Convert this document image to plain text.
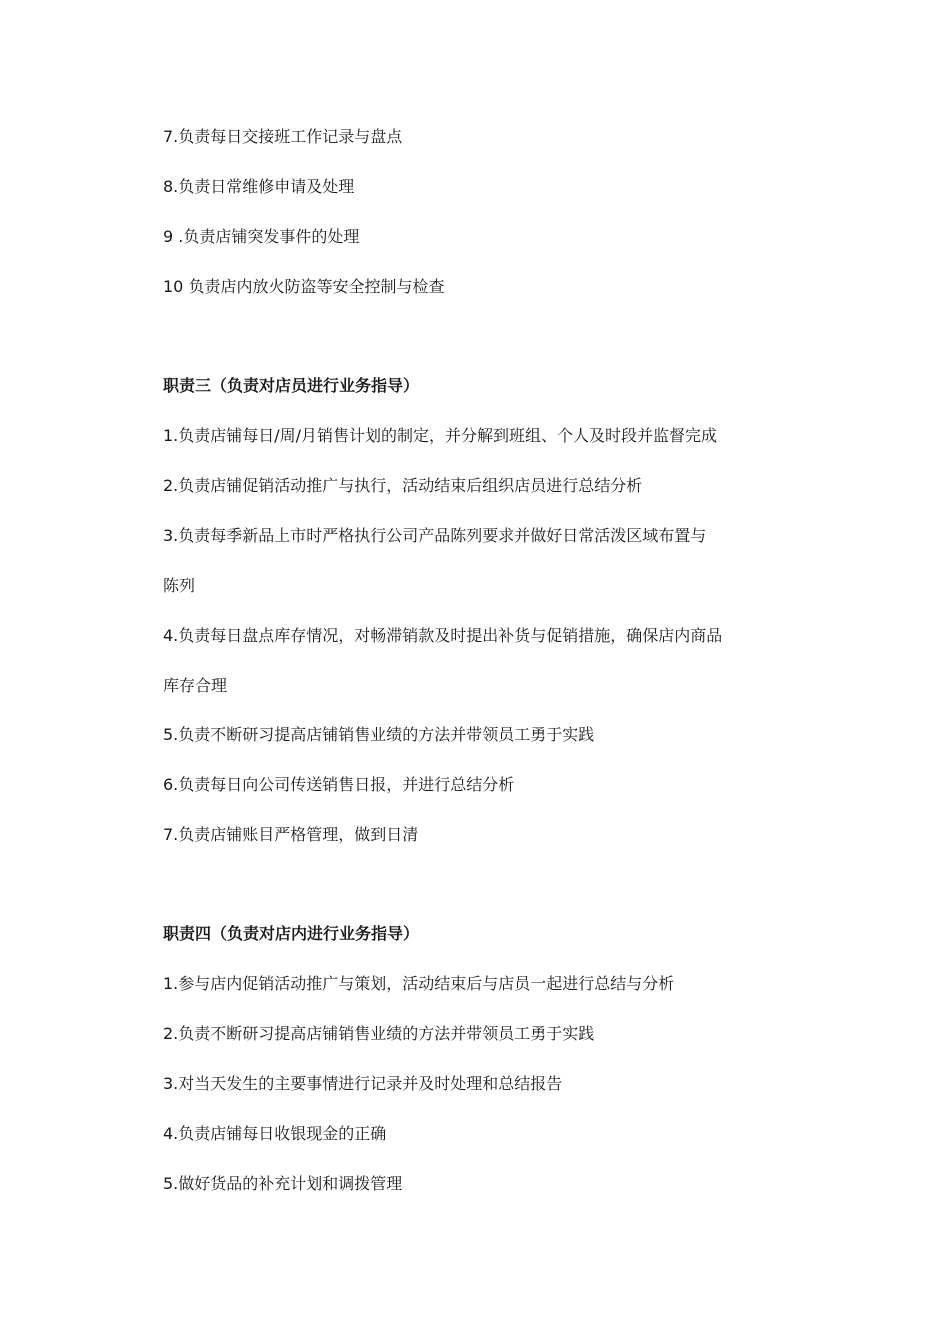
7.负责每日交接班工作记录与盘点

8.负责日常维修申请及处理

9 .负责店铺突发事件的处理

10 负责店内放火防盗等安全控制与检查

职责三（负责对店员进行业务指导）

1.负责店铺每日/周/月销售计划的制定，并分解到班组、个人及时段并监督完成

2.负责店铺促销活动推广与执行，活动结束后组织店员进行总结分析

3.负责每季新品上市时严格执行公司产品陈列要求并做好日常活泼区域布置与

陈列

4.负责每日盘点库存情况，对畅滞销款及时提出补货与促销措施，确保店内商品

库存合理

5.负责不断研习提高店铺销售业绩的方法并带领员工勇于实践

6.负责每日向公司传送销售日报，并进行总结分析

7.负责店铺账目严格管理，做到日清

职责四（负责对店内进行业务指导）

1.参与店内促销活动推广与策划，活动结束后与店员一起进行总结与分析

2.负责不断研习提高店铺销售业绩的方法并带领员工勇于实践

3.对当天发生的主要事情进行记录并及时处理和总结报告

4.负责店铺每日收银现金的正确

5.做好货品的补充计划和调拨管理
